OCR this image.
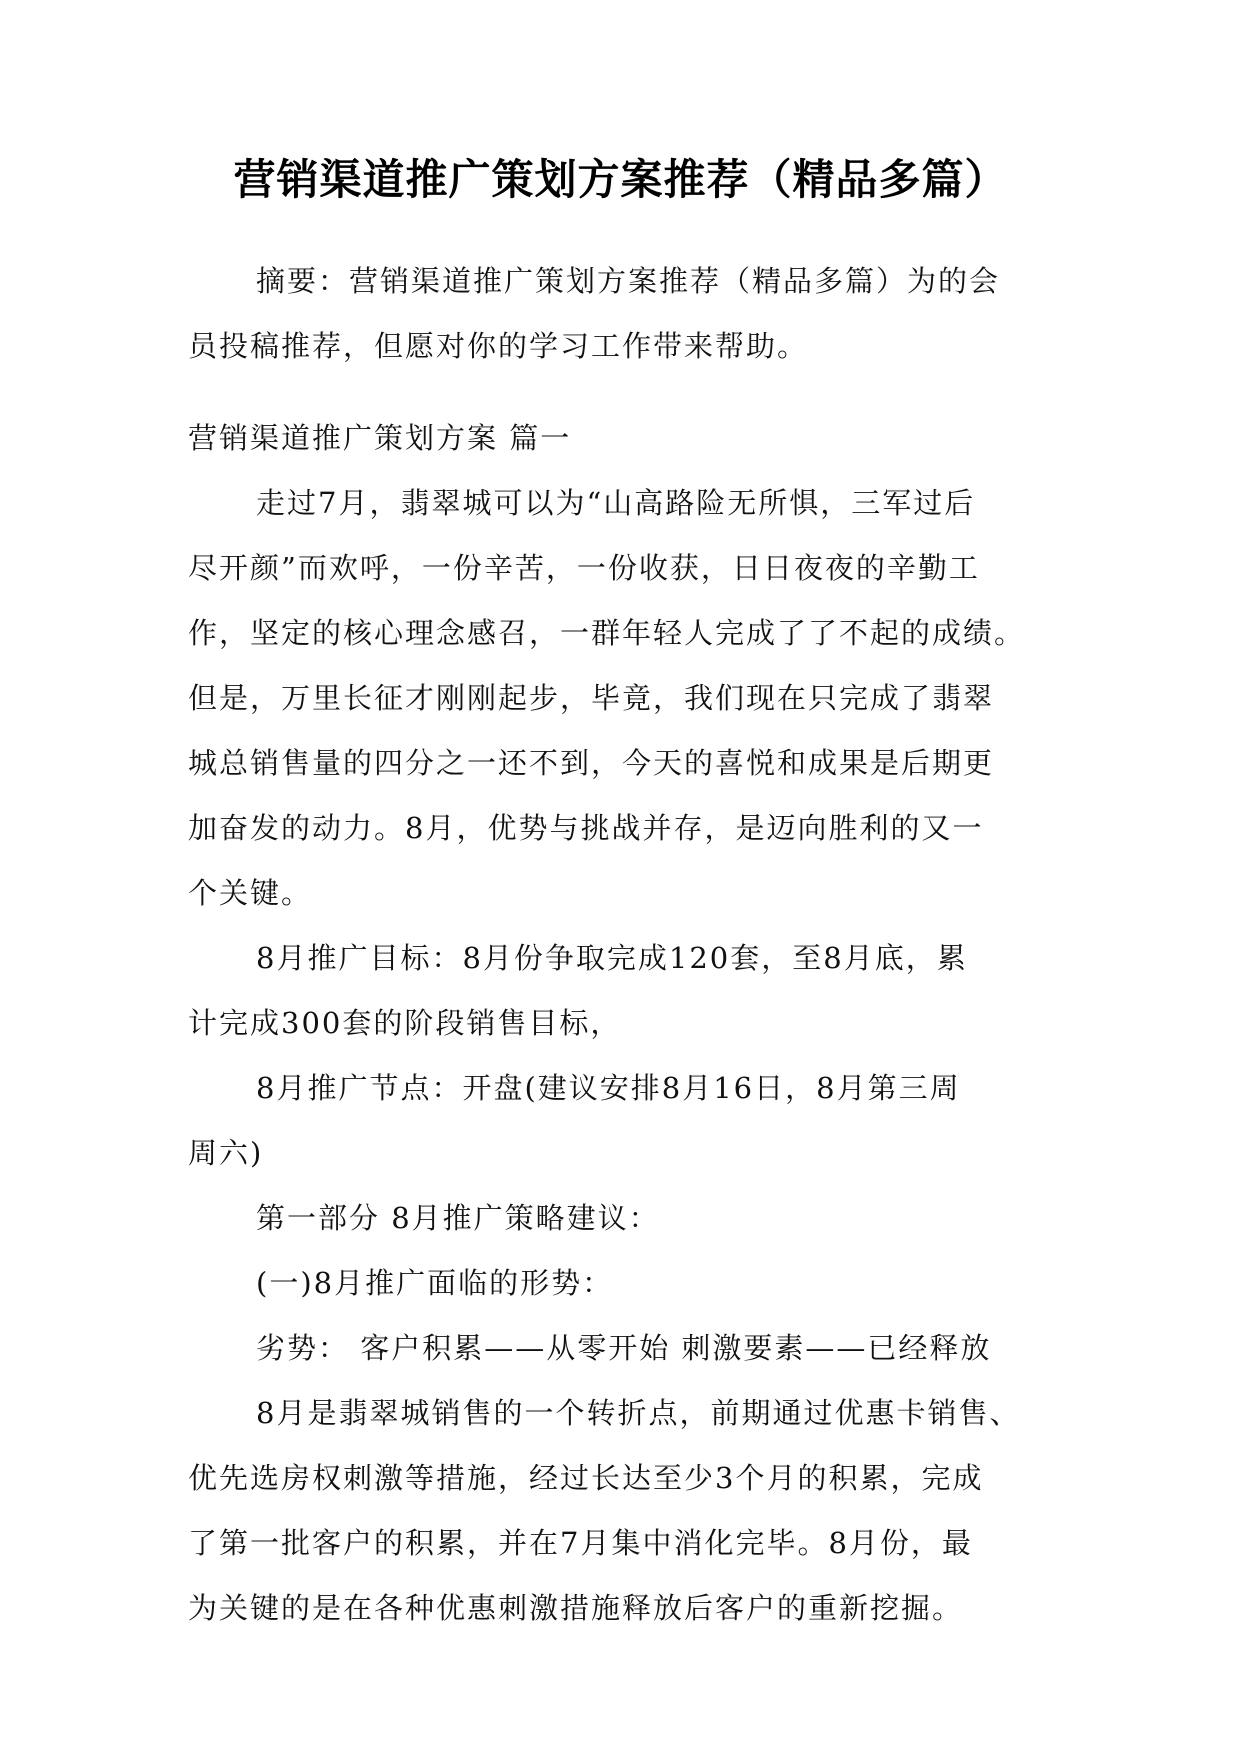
营销渠道推广策划方案推荐（精品多篇）
摘要：营销渠道推广策划方案推荐（精品多篇）为的会
员投稿推荐，但愿对你的学习工作带来帮助。
营销渠道推广策划方案 篇一
走过7月，翡翠城可以为“山高路险无所惧，三军过后
尽开颜”而欢呼，一份辛苦，一份收获，日日夜夜的辛勤工
作，坚定的核心理念感召，一群年轻人完成了了不起的成绩。
但是，万里长征才刚刚起步，毕竟，我们现在只完成了翡翠
城总销售量的四分之一还不到，今天的喜悦和成果是后期更
加奋发的动力。8月，优势与挑战并存，是迈向胜利的又一
个关键。
8月推广目标：8月份争取完成120套，至8月底，累
计完成300套的阶段销售目标，
8月推广节点：开盘(建议安排8月16日，8月第三周
周六)
第一部分 8月推广策略建议：
(一)8月推广面临的形势：
劣势： 客户积累——从零开始 刺激要素——已经释放
8月是翡翠城销售的一个转折点，前期通过优惠卡销售、
优先选房权刺激等措施，经过长达至少3个月的积累，完成
了第一批客户的积累，并在7月集中消化完毕。8月份，最
为关键的是在各种优惠刺激措施释放后客户的重新挖掘。
